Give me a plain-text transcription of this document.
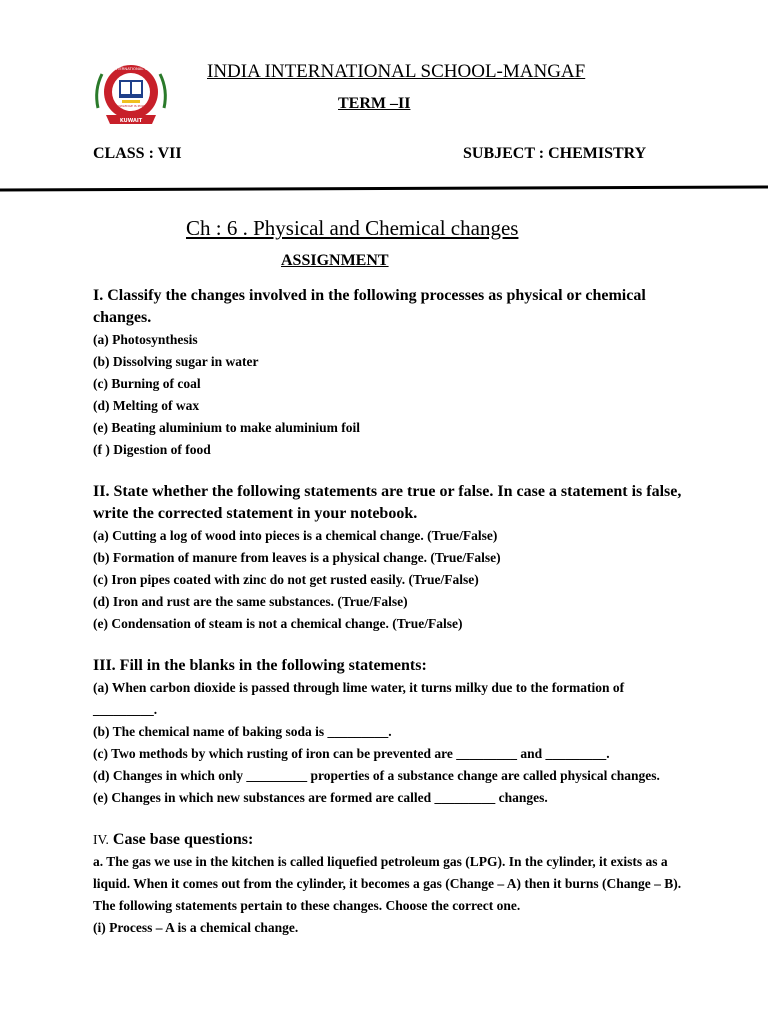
KUWAIT
INDIA INTERNATIONAL SCHOOL
KNOWLEDGE IS POWER
INDIA INTERNATIONAL SCHOOL-MANGAF
TERM –II
CLASS : VII	SUBJECT : CHEMISTRY
Ch : 6 . Physical and Chemical changes
ASSIGNMENT

I. Classify the changes involved in the following processes as physical or chemical changes.

(a) Photosynthesis

(b) Dissolving sugar in water

(c) Burning of coal

(d) Melting of wax

(e) Beating aluminium to make aluminium foil

(f ) Digestion of food

II. State whether the following statements are true or false. In case a statement is false, write the corrected statement in your notebook.

(a) Cutting a log of wood into pieces is a chemical change. (True/False)

(b) Formation of manure from leaves is a physical change. (True/False)

(c) Iron pipes coated with zinc do not get rusted easily. (True/False)

(d) Iron and rust are the same substances. (True/False)

(e) Condensation of steam is not a chemical change. (True/False)

III. Fill in the blanks in the following statements:

(a) When carbon dioxide is passed through lime water, it turns milky due to the formation of _________.

(b) The chemical name of baking soda is _________.

(c) Two methods by which rusting of iron can be prevented are _________ and _________.

(d) Changes in which only _________ properties of a substance change are called physical changes.

(e) Changes in which new substances are formed are called _________ changes.

IV. Case base questions:

a. The gas we use in the kitchen is called liquefied petroleum gas (LPG). In the cylinder, it exists as a liquid. When it comes out from the cylinder, it becomes a gas (Change – A) then it burns (Change – B). The following statements pertain to these changes. Choose the correct one.

(i) Process – A is a chemical change.
